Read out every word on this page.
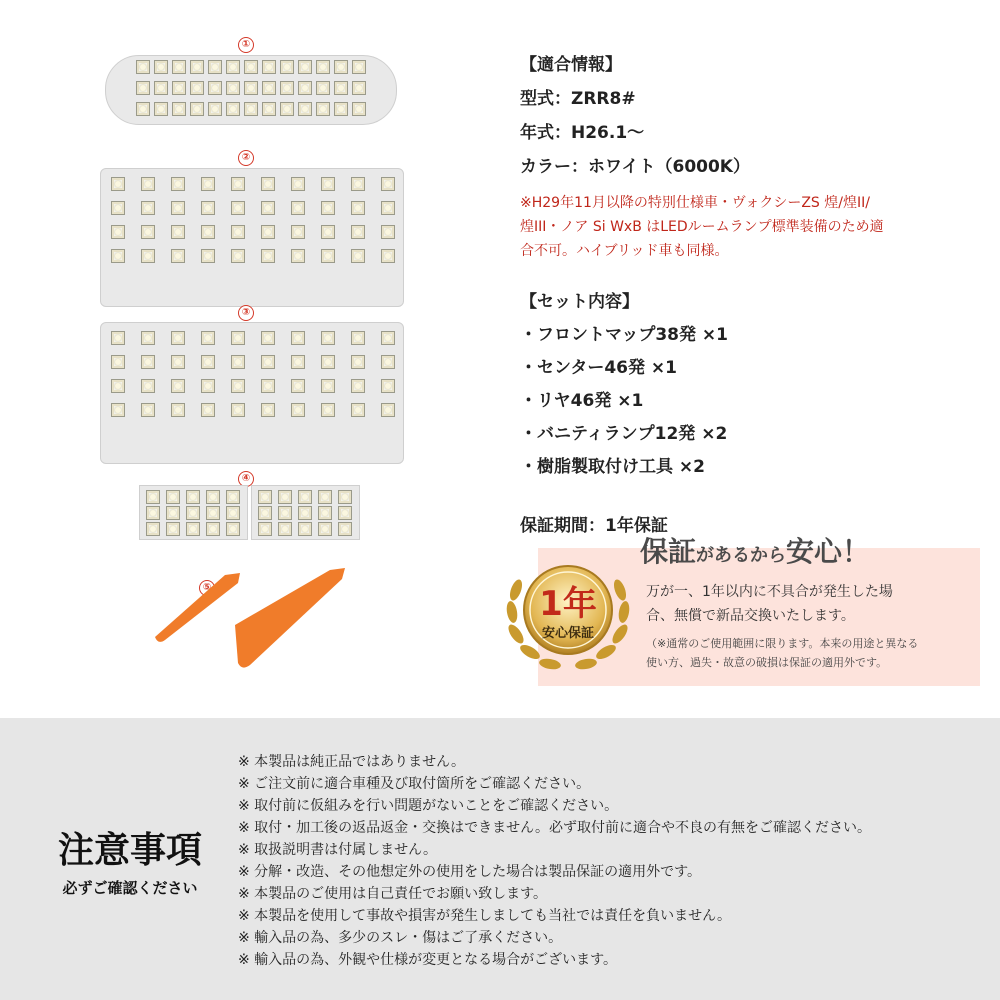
①
②
③
④
⑤
【適合情報】
型式：ZRR8#
年式：H26.1～
カラー：ホワイト（6000K）
※H29年11月以降の特別仕様車・ヴォクシーZS 煌/煌II/
煌III・ノア Si WxB はLEDルームランプ標準装備のため適
合不可。ハイブリッド車も同様。
【セット内容】
・フロントマップ38発 ×1
・センター46発 ×1
・リヤ46発 ×1
・バニティランプ12発 ×2
・樹脂製取付け工具 ×2
保証期間：1年保証
保証があるから安心！
万が一、1年以内に不具合が発生した場
合、無償で新品交換いたします。
（※通常のご使用範囲に限ります。本来の用途と異なる
使い方、過失・故意の破損は保証の適用外です。
1年
安心保証
注意事項
必ずご確認ください
※ 本製品は純正品ではありません。
※ ご注文前に適合車種及び取付箇所をご確認ください。
※ 取付前に仮組みを行い問題がないことをご確認ください。
※ 取付・加工後の返品返金・交換はできません。必ず取付前に適合や不良の有無をご確認ください。
※ 取扱説明書は付属しません。
※ 分解・改造、その他想定外の使用をした場合は製品保証の適用外です。
※ 本製品のご使用は自己責任でお願い致します。
※ 本製品を使用して事故や損害が発生しましても当社では責任を負いません。
※ 輸入品の為、多少のスレ・傷はご了承ください。
※ 輸入品の為、外観や仕様が変更となる場合がございます。
